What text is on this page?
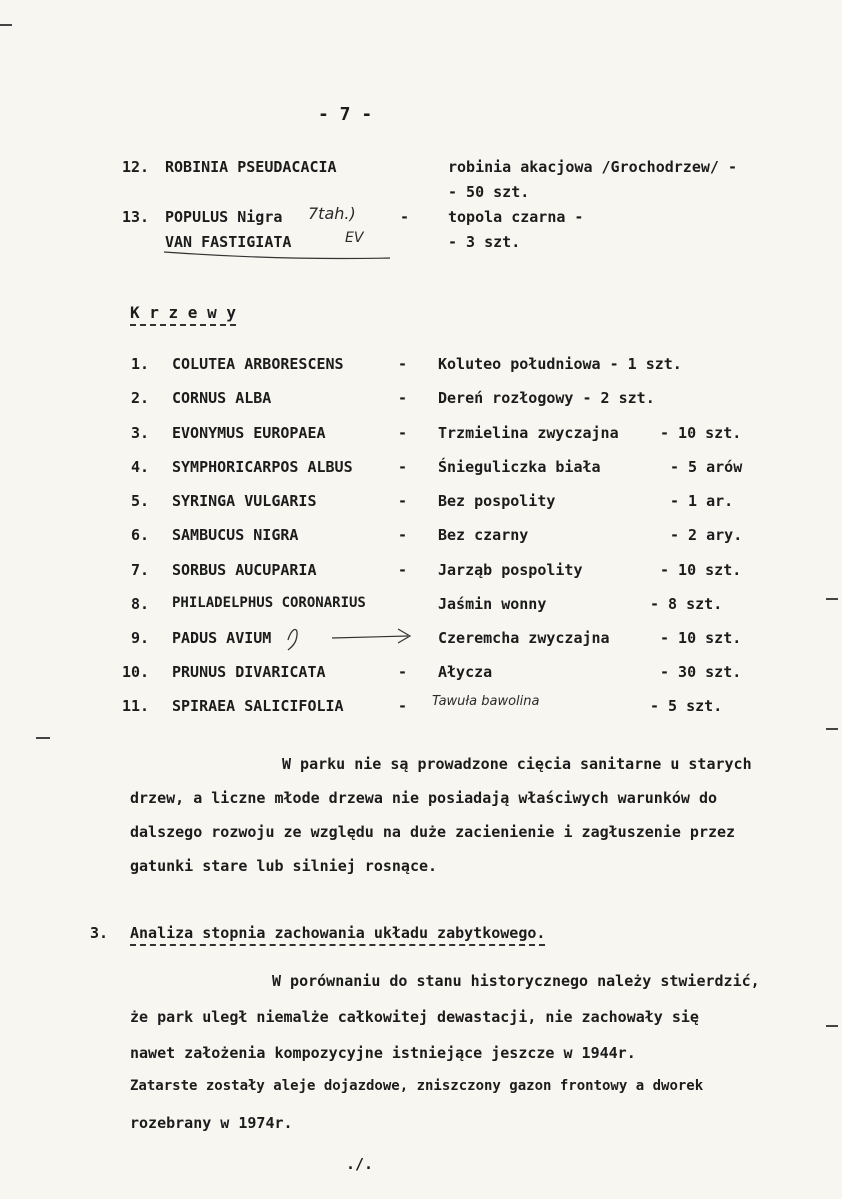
- 7 -
12. ROBINIA PSEUDACACIA	robinia akacjowa /Grochodrzew/ -
- 50 szt.
13. POPULUS Nigra 7tah.)	-	topola czarna -
VAN FASTIGIATA	EV	- 3 szt.
K r z e w y
1. COLUTEA ARBORESCENS	- Koluteo południowa - 1 szt.
2. CORNUS ALBA	- Dereń rozłogowy - 2 szt.
3. EVONYMUS EUROPAEA	- Trzmielina zwyczajna	- 10 szt.
4. SYMPHORICARPOS ALBUS	- Śnieguliczka biała	- 5 arów
5. SYRINGA VULGARIS	- Bez pospolity	- 1 ar.
6. SAMBUCUS NIGRA	- Bez czarny	- 2 ary.
7. SORBUS AUCUPARIA	- Jarząb pospolity	- 10 szt.
8. PHILADELPHUS CORONARIUS	Jaśmin wonny	- 8 szt.
9. PADUS AVIUM	Czeremcha zwyczajna	- 10 szt.
10. PRUNUS DIVARICATA	- Ałycza	- 30 szt.
11. SPIRAEA SALICIFOLIA	- Tawuła bawolina	- 5 szt.
W parku nie są prowadzone cięcia sanitarne u starych
drzew, a liczne młode drzewa nie posiadają właściwych warunków do
dalszego rozwoju ze względu na duże zacienienie i zagłuszenie przez
gatunki stare lub silniej rosnące.
3. Analiza stopnia zachowania układu zabytkowego.
W porównaniu do stanu historycznego należy stwierdzić,
że park uległ niemalże całkowitej dewastacji, nie zachowały się
nawet założenia kompozycyjne istniejące jeszcze w 1944r.
Zatarste zostały aleje dojazdowe, zniszczony gazon frontowy a dworek
rozebrany w 1974r.
./.
